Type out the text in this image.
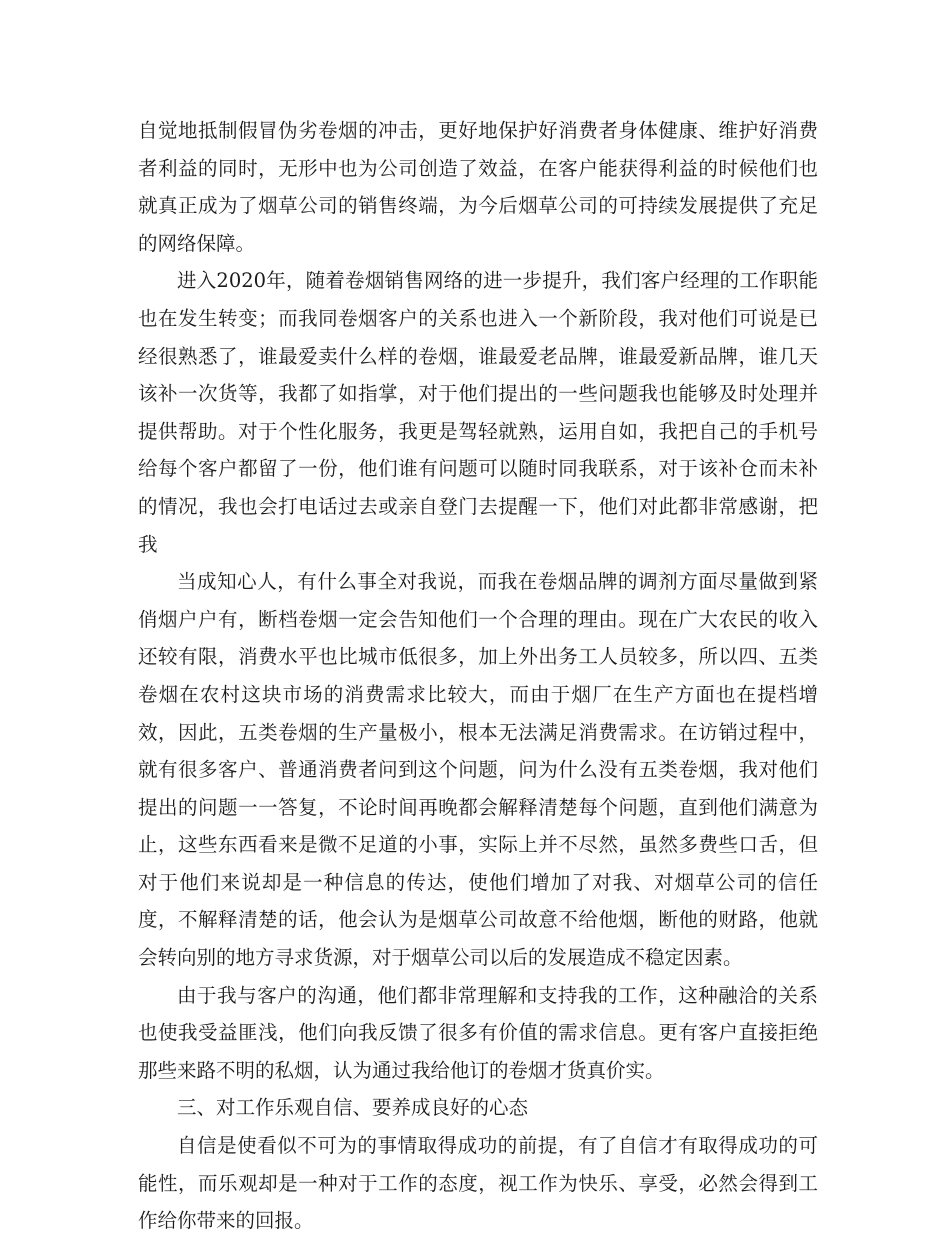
自觉地抵制假冒伪劣卷烟的冲击，更好地保护好消费者身体健康、维护好消费者利益的同时，无形中也为公司创造了效益，在客户能获得利益的时候他们也就真正成为了烟草公司的销售终端，为今后烟草公司的可持续发展提供了充足的网络保障。

进入2020年，随着卷烟销售网络的进一步提升，我们客户经理的工作职能也在发生转变；而我同卷烟客户的关系也进入一个新阶段，我对他们可说是已经很熟悉了，谁最爱卖什么样的卷烟，谁最爱老品牌，谁最爱新品牌，谁几天该补一次货等，我都了如指掌，对于他们提出的一些问题我也能够及时处理并提供帮助。对于个性化服务，我更是驾轻就熟，运用自如，我把自己的手机号给每个客户都留了一份，他们谁有问题可以随时同我联系，对于该补仓而未补的情况，我也会打电话过去或亲自登门去提醒一下，他们对此都非常感谢，把我

当成知心人，有什么事全对我说，而我在卷烟品牌的调剂方面尽量做到紧俏烟户户有，断档卷烟一定会告知他们一个合理的理由。现在广大农民的收入还较有限，消费水平也比城市低很多，加上外出务工人员较多，所以四、五类卷烟在农村这块市场的消费需求比较大，而由于烟厂在生产方面也在提档增效，因此，五类卷烟的生产量极小，根本无法满足消费需求。在访销过程中，就有很多客户、普通消费者问到这个问题，问为什么没有五类卷烟，我对他们提出的问题一一答复，不论时间再晚都会解释清楚每个问题，直到他们满意为止，这些东西看来是微不足道的小事，实际上并不尽然，虽然多费些口舌，但对于他们来说却是一种信息的传达，使他们增加了对我、对烟草公司的信任度，不解释清楚的话，他会认为是烟草公司故意不给他烟，断他的财路，他就会转向别的地方寻求货源，对于烟草公司以后的发展造成不稳定因素。

由于我与客户的沟通，他们都非常理解和支持我的工作，这种融洽的关系也使我受益匪浅，他们向我反馈了很多有价值的需求信息。更有客户直接拒绝那些来路不明的私烟，认为通过我给他订的卷烟才货真价实。

三、对工作乐观自信、要养成良好的心态

自信是使看似不可为的事情取得成功的前提，有了自信才有取得成功的可能性，而乐观却是一种对于工作的态度，视工作为快乐、享受，必然会得到工作给你带来的回报。
